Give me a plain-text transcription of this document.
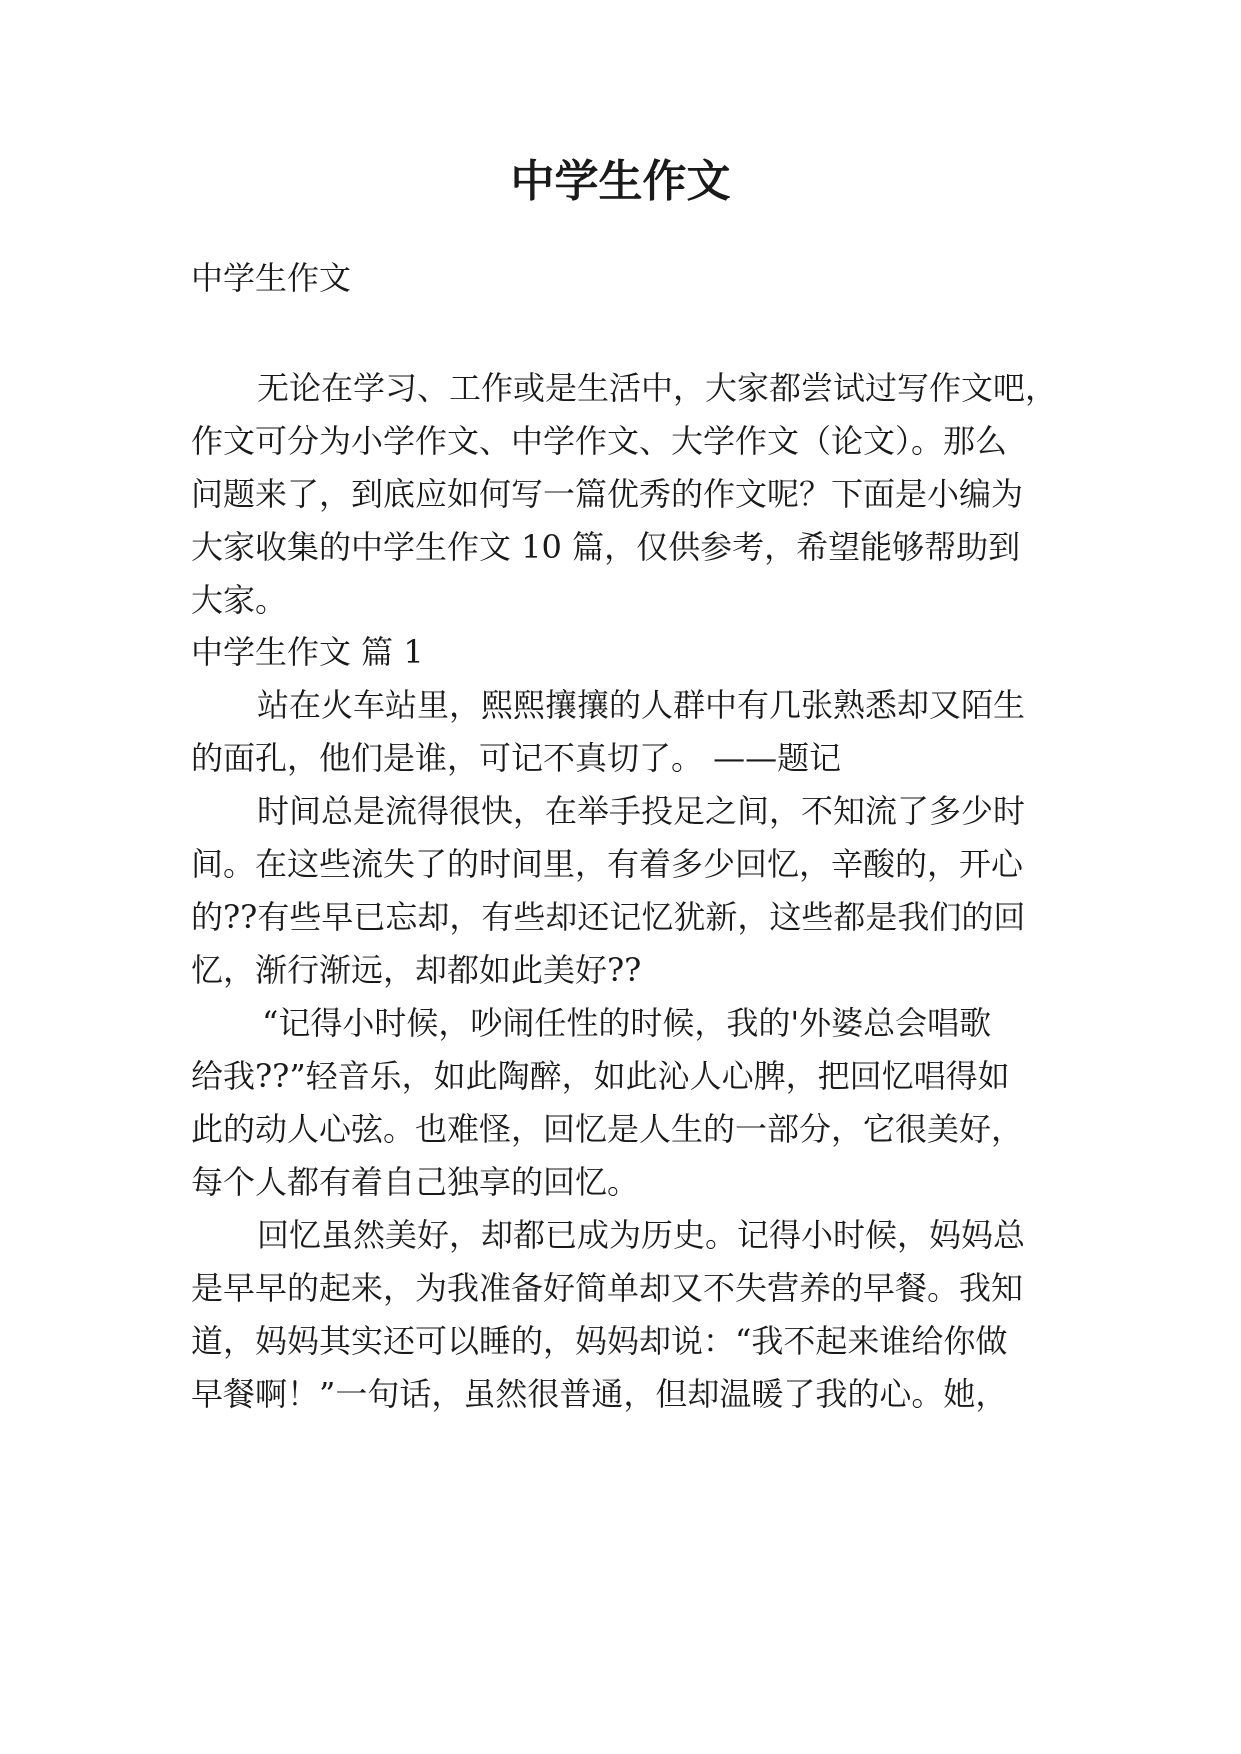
中学生作文

中学生作文

无论在学习、工作或是生活中，大家都尝试过写作文吧，

作文可分为小学作文、中学作文、大学作文（论文）。那么

问题来了，到底应如何写一篇优秀的作文呢？下面是小编为

大家收集的中学生作文 10 篇，仅供参考，希望能够帮助到

大家。

中学生作文 篇 1

站在火车站里，熙熙攘攘的人群中有几张熟悉却又陌生

的面孔，他们是谁，可记不真切了。 ——题记

时间总是流得很快，在举手投足之间，不知流了多少时

间。在这些流失了的时间里，有着多少回忆，辛酸的，开心

的??有些早已忘却，有些却还记忆犹新，这些都是我们的回

忆，渐行渐远，却都如此美好??

“记得小时候，吵闹任性的时候，我的'外婆总会唱歌

给我??”轻音乐，如此陶醉，如此沁人心脾，把回忆唱得如

此的动人心弦。也难怪，回忆是人生的一部分，它很美好，

每个人都有着自己独享的回忆。

回忆虽然美好，却都已成为历史。记得小时候，妈妈总

是早早的起来，为我准备好简单却又不失营养的早餐。我知

道，妈妈其实还可以睡的，妈妈却说：“我不起来谁给你做

早餐啊！”一句话，虽然很普通，但却温暖了我的心。她，
